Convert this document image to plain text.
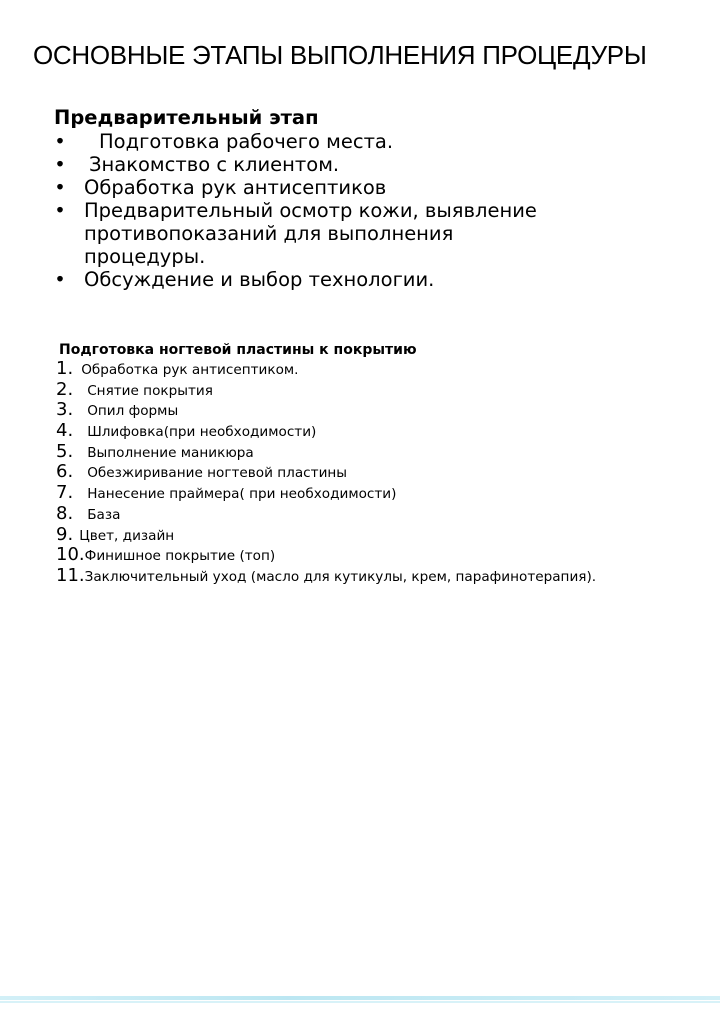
ОСНОВНЫЕ ЭТАПЫ ВЫПОЛНЕНИЯ ПРОЦЕДУРЫ
Предварительный этап
• Подготовка рабочего места.
• Знакомство с клиентом.
• Обработка рук антисептиков
• Предварительный осмотр кожи, выявление противопоказаний для выполнения процедуры.
• Обсуждение и выбор технологии.
Подготовка ногтевой пластины к покрытию
1. Обработка рук антисептиком.
2. Снятие покрытия
3. Опил формы
4. Шлифовка(при необходимости)
5. Выполнение маникюра
6. Обезжиривание ногтевой пластины
7. Нанесение праймера( при необходимости)
8. База
9. Цвет, дизайн
10. Финишное покрытие (топ)
11. Заключительный уход (масло для кутикулы, крем, парафинотерапия).
